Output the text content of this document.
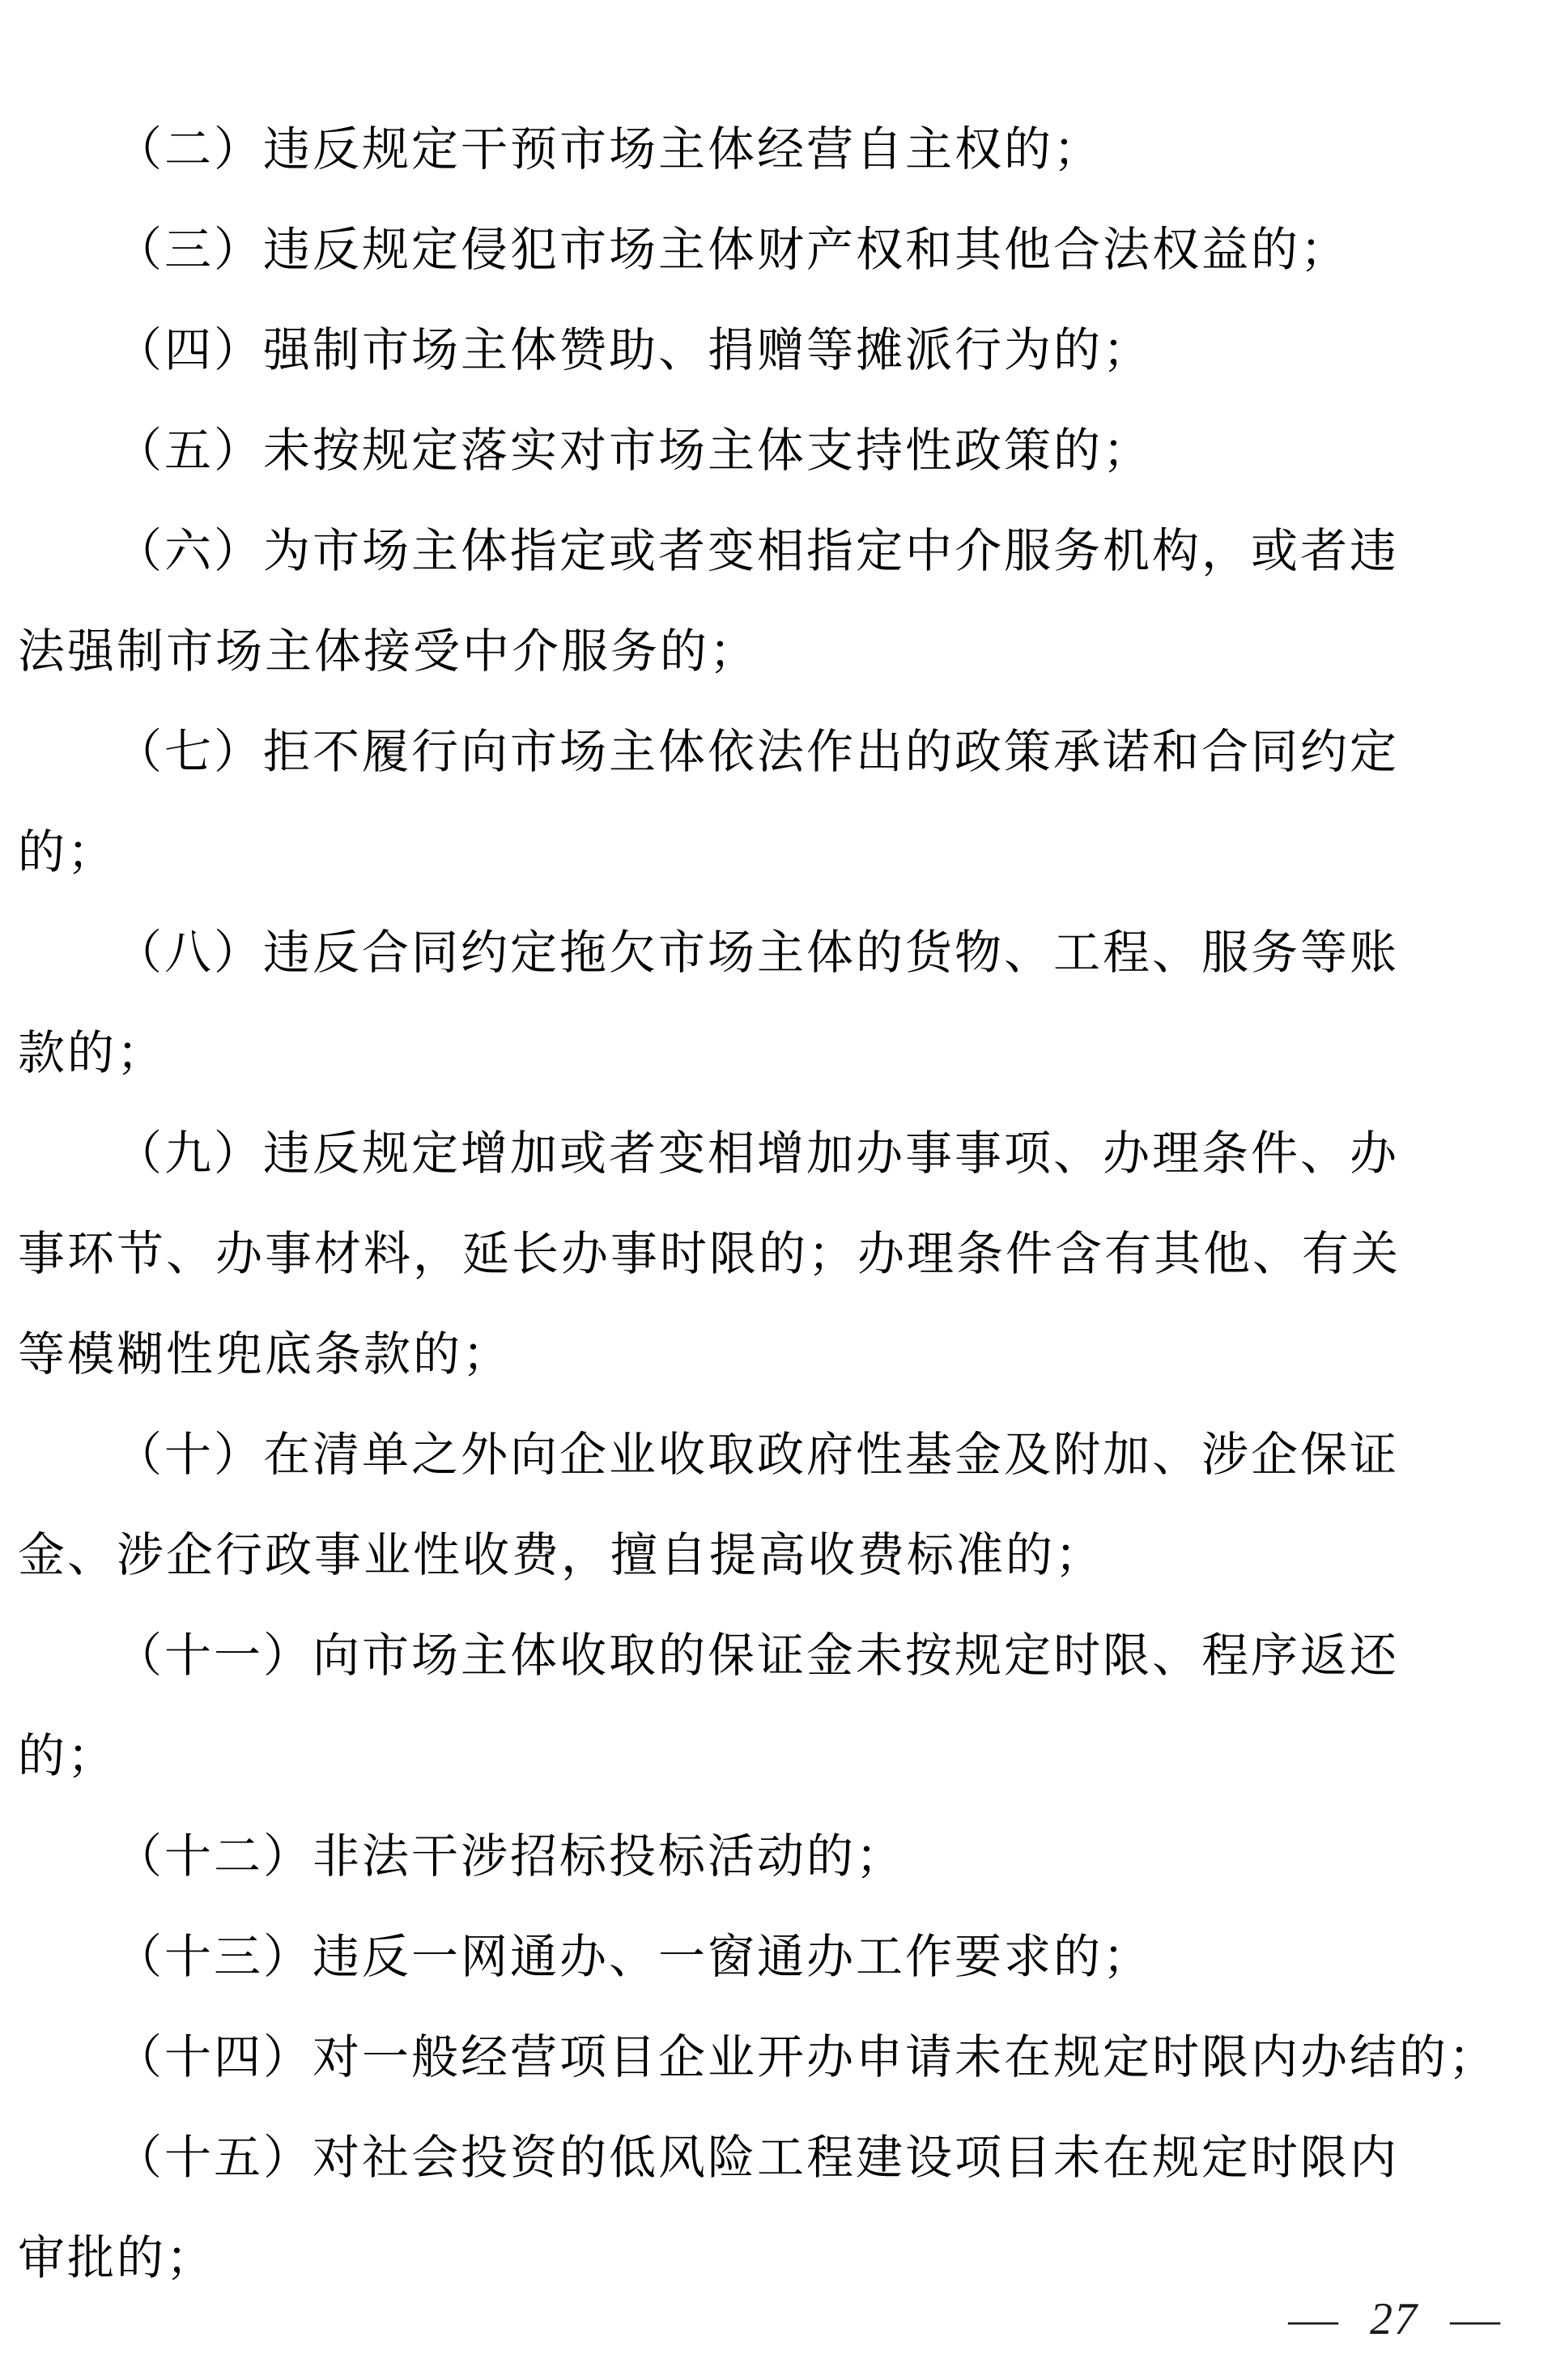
（二）违反规定干预市场主体经营自主权的；
（三）违反规定侵犯市场主体财产权和其他合法权益的；
（四）强制市场主体赞助、捐赠等摊派行为的；
（五）未按规定落实对市场主体支持性政策的；
（六）为市场主体指定或者变相指定中介服务机构，或者违
法强制市场主体接受中介服务的；
（七）拒不履行向市场主体依法作出的政策承诺和合同约定
的；
（八）违反合同约定拖欠市场主体的货物、工程、服务等账
款的；
（九）违反规定增加或者变相增加办事事项、办理条件、办
事环节、办事材料，延长办事时限的；办理条件含有其他、有关
等模糊性兜底条款的；
（十）在清单之外向企业收取政府性基金及附加、涉企保证
金、涉企行政事业性收费，擅自提高收费标准的；
（十一）向市场主体收取的保证金未按规定时限、程序返还
的；
（十二）非法干涉招标投标活动的；
（十三）违反一网通办、一窗通办工作要求的；
（十四）对一般经营项目企业开办申请未在规定时限内办结的；
（十五）对社会投资的低风险工程建设项目未在规定时限内
审批的；
— 27 —
